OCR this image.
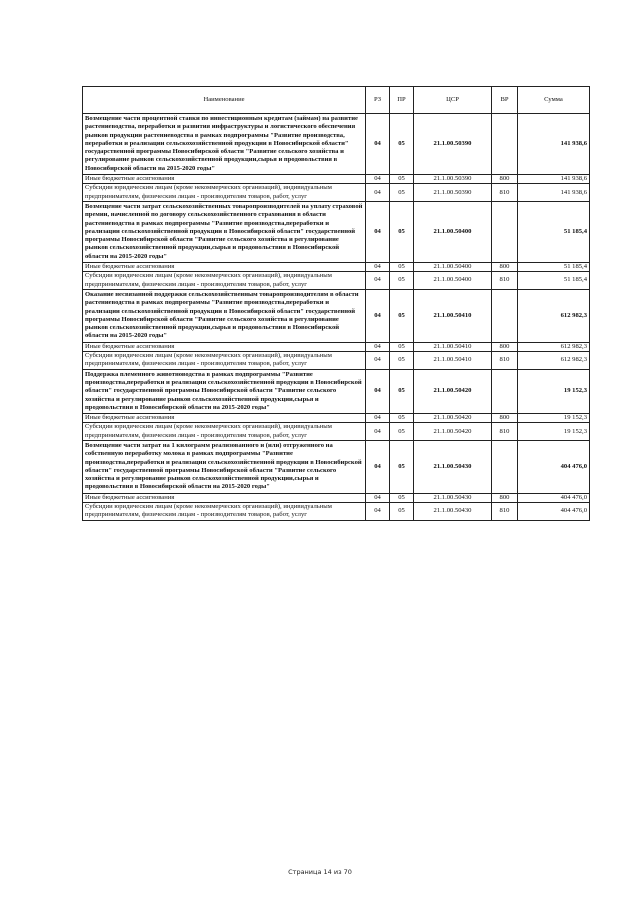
Наименование	РЗ	ПР	ЦСР	ВР	Сумма
Возмещение части процентной ставки по инвестиционным кредитам (займам) на развитие растениеводства, переработки и развития инфраструктуры и логистического обеспечения рынков продукции растениеводства в рамках подпрограммы "Развитие производства, переработки и реализации сельскохозяйственной продукции в Новосибирской области" государственной программы Новосибирской области "Развитие сельского хозяйства и регулирование рынков сельскохозяйственной продукции,сырья и продовольствия в Новосибирской области на 2015-2020 годы"	04	05	21.1.00.50390		141 938,6
Иные бюджетные ассигнования	04	05	21.1.00.50390	800	141 938,6
Субсидии юридическим лицам (кроме некоммерческих организаций), индивидуальным предпринимателям, физическим лицам - производителям товаров, работ, услуг	04	05	21.1.00.50390	810	141 938,6
Возмещение части затрат сельскохозяйственных товаропроизводителей на уплату страховой премии, начисленной по договору сельскохозяйственного страхования в области растениеводства в рамках подпрограммы "Развитие производства,переработки и реализации сельскохозяйственной продукции в Новосибирской области" государственной программы Новосибирской области "Развитие сельского хозяйства и регулирование рынков сельскохозяйственной продукции,сырья и продовольствия в Новосибирской области на 2015-2020 годы"	04	05	21.1.00.50400		51 185,4
Иные бюджетные ассигнования	04	05	21.1.00.50400	800	51 185,4
Субсидии юридическим лицам (кроме некоммерческих организаций), индивидуальным предпринимателям, физическим лицам - производителям товаров, работ, услуг	04	05	21.1.00.50400	810	51 185,4
Оказание несвязанной поддержки сельскохозяйственным товаропроизводителям в области растениеводства в рамках подпрограммы "Развитие производства,переработки и реализации сельскохозяйственной продукции в Новосибирской области" государственной программы Новосибирской области "Развитие сельского хозяйства и регулирование рынков сельскохозяйственной продукции,сырья и продовольствия в Новосибирской области на 2015-2020 годы"	04	05	21.1.00.50410		612 982,3
Иные бюджетные ассигнования	04	05	21.1.00.50410	800	612 982,3
Субсидии юридическим лицам (кроме некоммерческих организаций), индивидуальным предпринимателям, физическим лицам - производителям товаров, работ, услуг	04	05	21.1.00.50410	810	612 982,3
Поддержка племенного животноводства в рамках подпрограммы "Развитие производства,переработки и реализации сельскохозяйственной продукции в Новосибирской области" государственной программы Новосибирской области "Развитие сельского хозяйства и регулирование рынков сельскохозяйственной продукции,сырья и продовольствия в Новосибирской области на 2015-2020 годы"	04	05	21.1.00.50420		19 152,3
Иные бюджетные ассигнования	04	05	21.1.00.50420	800	19 152,3
Субсидии юридическим лицам (кроме некоммерческих организаций), индивидуальным предпринимателям, физическим лицам - производителям товаров, работ, услуг	04	05	21.1.00.50420	810	19 152,3
Возмещение части затрат на 1 килограмм реализованного и (или) отгруженного на собственную переработку молока в рамках подпрограммы "Развитие производства,переработки и реализации сельскохозяйственной продукции в Новосибирской области" государственной программы Новосибирской области "Развитие сельского хозяйства и регулирование рынков сельскохозяйственной продукции,сырья и продовольствия в Новосибирской области на 2015-2020 годы"	04	05	21.1.00.50430		404 476,0
Иные бюджетные ассигнования	04	05	21.1.00.50430	800	404 476,0
Субсидии юридическим лицам (кроме некоммерческих организаций), индивидуальным предпринимателям, физическим лицам - производителям товаров, работ, услуг	04	05	21.1.00.50430	810	404 476,0
Страница 14 из 70
